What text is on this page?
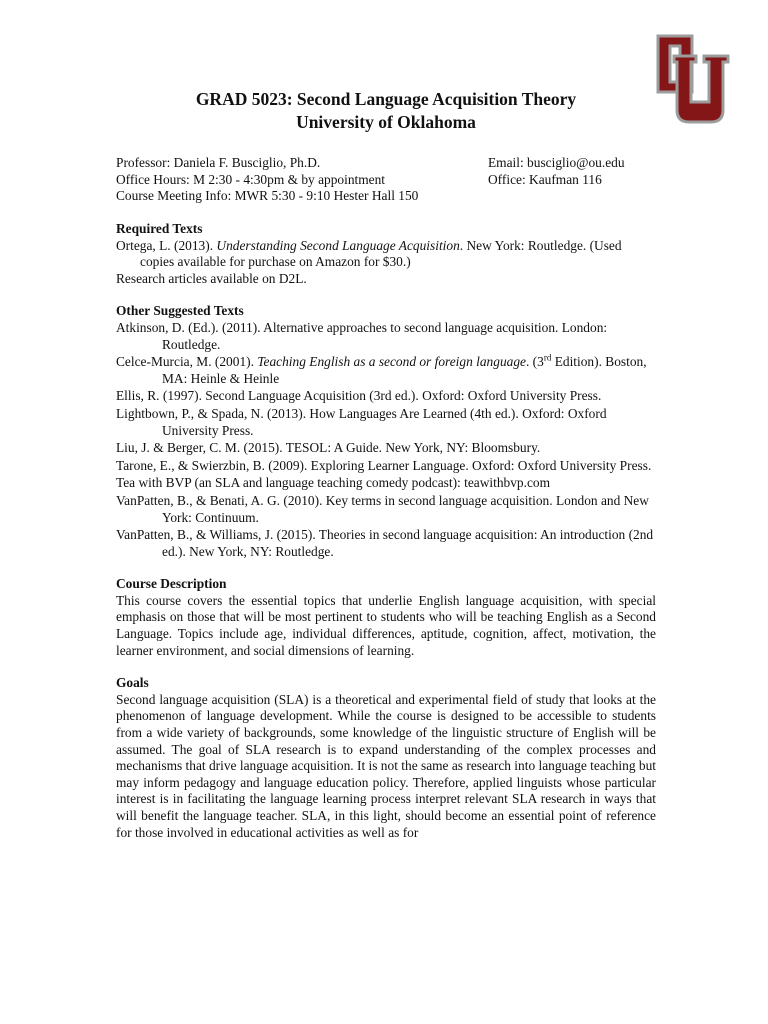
GRAD 5023: Second Language Acquisition Theory

University of Oklahoma

Professor: Daniela F. Busciglio, Ph.D.	Email: busciglio@ou.edu
Office Hours: M 2:30 - 4:30pm & by appointment	Office: Kaufman 116
Course Meeting Info: MWR 5:30 - 9:10 Hester Hall 150
Required Texts

Ortega, L. (2013). Understanding Second Language Acquisition. New York: Routledge. (Used copies available for purchase on Amazon for $30.)

Research articles available on D2L.

Other Suggested Texts

Atkinson, D. (Ed.). (2011). Alternative approaches to second language acquisition. London: Routledge.

Celce-Murcia, M. (2001). Teaching English as a second or foreign language. (3rd Edition). Boston, MA: Heinle & Heinle

Ellis, R. (1997). Second Language Acquisition (3rd ed.). Oxford: Oxford University Press.

Lightbown, P., & Spada, N. (2013). How Languages Are Learned (4th ed.). Oxford: Oxford University Press.

Liu, J. & Berger, C. M. (2015). TESOL: A Guide. New York, NY: Bloomsbury.

Tarone, E., & Swierzbin, B. (2009). Exploring Learner Language. Oxford: Oxford University Press.

Tea with BVP (an SLA and language teaching comedy podcast): teawithbvp.com

VanPatten, B., & Benati, A. G. (2010). Key terms in second language acquisition. London and New York: Continuum.

VanPatten, B., & Williams, J. (2015). Theories in second language acquisition: An introduction (2nd ed.). New York, NY: Routledge.

Course Description

This course covers the essential topics that underlie English language acquisition, with special emphasis on those that will be most pertinent to students who will be teaching English as a Second Language. Topics include age, individual differences, aptitude, cognition, affect, motivation, the learner environment, and social dimensions of learning.

Goals

Second language acquisition (SLA) is a theoretical and experimental field of study that looks at the phenomenon of language development. While the course is designed to be accessible to students from a wide variety of backgrounds, some knowledge of the linguistic structure of English will be assumed. The goal of SLA research is to expand understanding of the complex processes and mechanisms that drive language acquisition. It is not the same as research into language teaching but may inform pedagogy and language education policy. Therefore, applied linguists whose particular interest is in facilitating the language learning process interpret relevant SLA research in ways that will benefit the language teacher. SLA, in this light, should become an essential point of reference for those involved in educational activities as well as for
